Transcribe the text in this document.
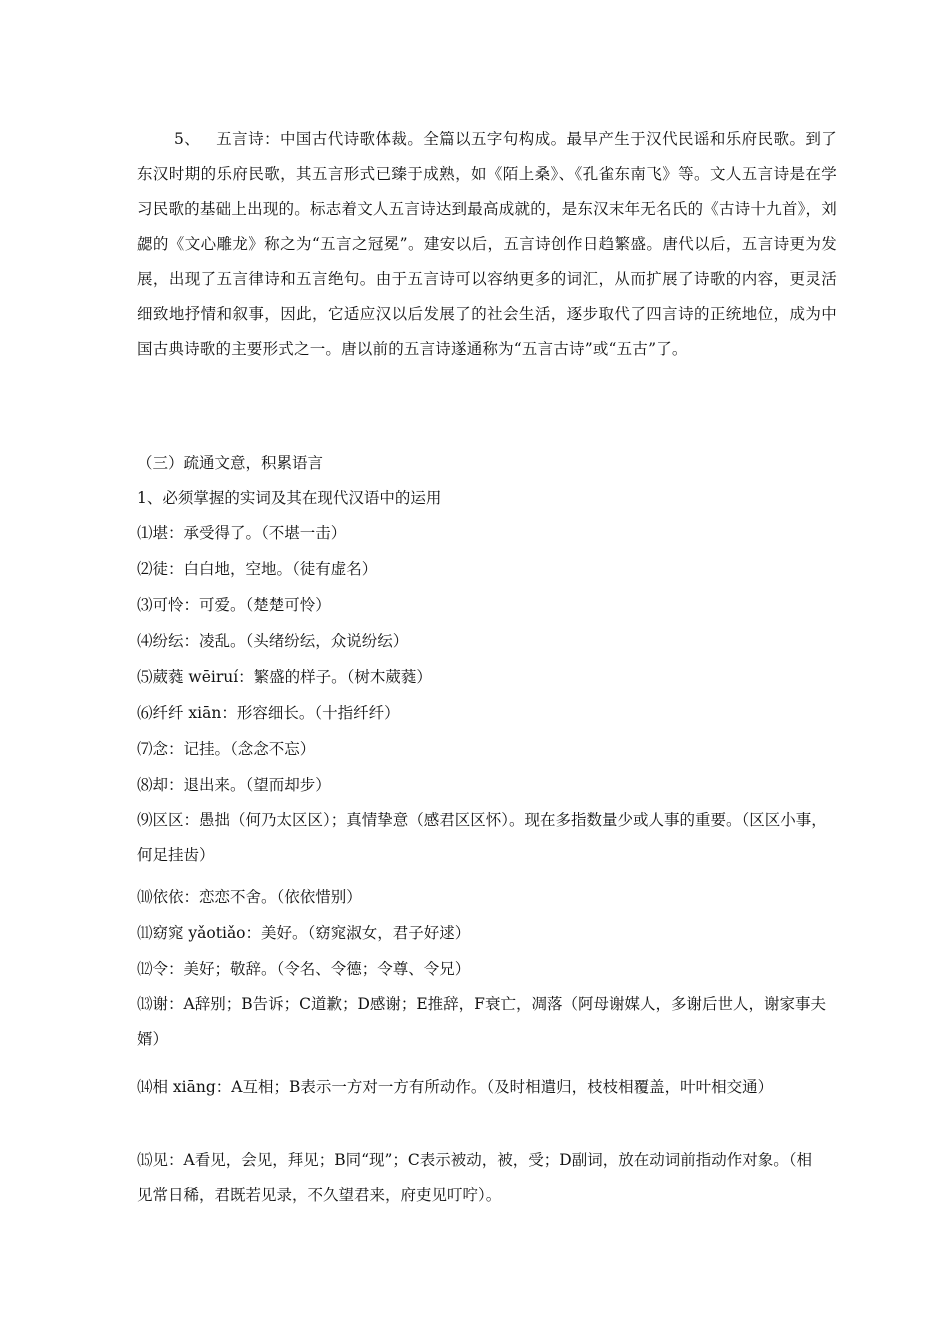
5、 五言诗：中国古代诗歌体裁。全篇以五字句构成。最早产生于汉代民谣和乐府民歌。到了东汉时期的乐府民歌，其五言形式已臻于成熟，如《陌上桑》、《孔雀东南飞》等。文人五言诗是在学习民歌的基础上出现的。标志着文人五言诗达到最高成就的，是东汉末年无名氏的《古诗十九首》，刘勰的《文心雕龙》称之为“五言之冠冕”。建安以后，五言诗创作日趋繁盛。唐代以后，五言诗更为发展，出现了五言律诗和五言绝句。由于五言诗可以容纳更多的词汇，从而扩展了诗歌的内容，更灵活细致地抒情和叙事，因此，它适应汉以后发展了的社会生活，逐步取代了四言诗的正统地位，成为中国古典诗歌的主要形式之一。唐以前的五言诗遂通称为“五言古诗”或“五古”了。
（三）疏通文意，积累语言
1、必须掌握的实词及其在现代汉语中的运用
⑴堪：承受得了。（不堪一击）
⑵徒：白白地，空地。（徒有虚名）
⑶可怜：可爱。（楚楚可怜）
⑷纷纭：凌乱。（头绪纷纭，众说纷纭）
⑸葳蕤 wēiruí：繁盛的样子。（树木葳蕤）
⑹纤纤 xiān：形容细长。（十指纤纤）
⑺念：记挂。（念念不忘）
⑻却：退出来。（望而却步）
⑼区区：愚拙（何乃太区区）；真情挚意（感君区区怀）。现在多指数量少或人事的重要。（区区小事，何足挂齿）
⑽依依：恋恋不舍。（依依惜别）
⑾窈窕 yǎotiǎo：美好。（窈窕淑女，君子好逑）
⑿令：美好；敬辞。（令名、令德；令尊、令兄）
⒀谢：A辞别；B告诉；C道歉；D感谢；E推辞，F衰亡，凋落（阿母谢媒人，多谢后世人，谢家事夫婿）
⒁相 xiāng：A互相；B表示一方对一方有所动作。（及时相遣归，枝枝相覆盖，叶叶相交通）
⒂见：A看见，会见，拜见；B同“现”；C表示被动，被，受；D副词，放在动词前指动作对象。（相见常日稀，君既若见录，不久望君来，府吏见叮咛）。
